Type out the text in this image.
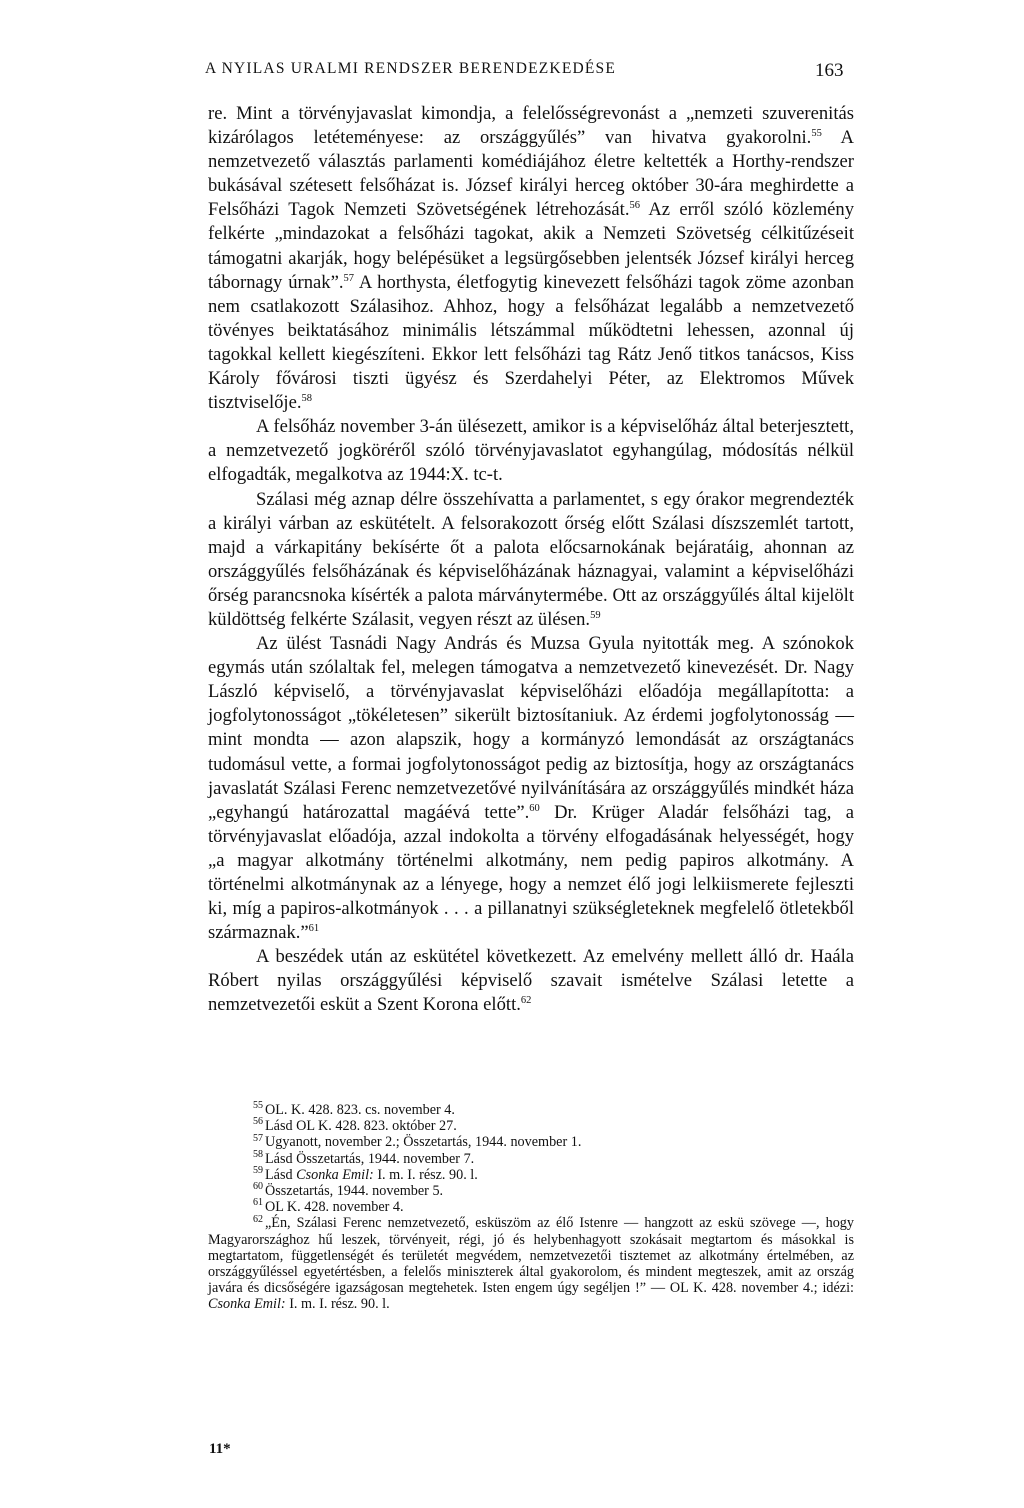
A NYILAS URALMI RENDSZER BERENDEZKEDÉSE	163

re. Mint a törvényjavaslat kimondja, a felelősségrevonást a „nemzeti szuverenitás kizárólagos letéteményese: az országgyűlés” van hivatva gyakorolni.$^{55}$ A nemzetvezető választás parlamenti komédiájához életre keltették a Horthy-rendszer bukásával szétesett felsőházat is. József királyi herceg október 30-ára meghirdette a Felsőházi Tagok Nemzeti Szövetségének létrehozását.$^{56}$ Az erről szóló közlemény felkérte „mindazokat a felsőházi tagokat, akik a Nemzeti Szövetség célkitűzéseit támogatni akarják, hogy belépésüket a legsürgősebben jelentsék József királyi herceg tábornagy úrnak”.$^{57}$ A horthysta, életfogytig kinevezett felsőházi tagok zöme azonban nem csatlakozott Szálasihoz. Ahhoz, hogy a felsőházat legalább a nemzetvezető tövényes beiktatásához minimális létszámmal működtetni lehessen, azonnal új tagokkal kellett kiegészíteni. Ekkor lett felsőházi tag Rátz Jenő titkos tanácsos, Kiss Károly fővárosi tiszti ügyész és Szerdahelyi Péter, az Elektromos Művek tisztviselője.$^{58}$

A felsőház november 3-án ülésezett, amikor is a képviselőház által beterjesztett, a nemzetvezető jogköréről szóló törvényjavaslatot egyhangúlag, módosítás nélkül elfogadták, megalkotva az 1944:X. tc-t.

Szálasi még aznap délre összehívatta a parlamentet, s egy órakor megrendezték a királyi várban az eskütételt. A felsorakozott őrség előtt Szálasi díszszemlét tartott, majd a várkapitány bekísérte őt a palota előcsarnokának bejáratáig, ahonnan az országgyűlés felsőházának és képviselőházának háznagyai, valamint a képviselőházi őrség parancsnoka kísérték a palota márványtermébe. Ott az országgyűlés által kijelölt küldöttség felkérte Szálasit, vegyen részt az ülésen.$^{59}$

Az ülést Tasnádi Nagy András és Muzsa Gyula nyitották meg. A szónokok egymás után szólaltak fel, melegen támogatva a nemzetvezető kinevezését. Dr. Nagy László képviselő, a törvényjavaslat képviselőházi előadója megállapította: a jogfolytonosságot „tökéletesen” sikerült biztosítaniuk. Az érdemi jogfolytonosság — mint mondta — azon alapszik, hogy a kormányzó lemondását az országtanács tudomásul vette, a formai jogfolytonosságot pedig az biztosítja, hogy az országtanács javaslatát Szálasi Ferenc nemzetvezetővé nyilvánítására az országgyűlés mindkét háza „egyhangú határozattal magáévá tette”.$^{60}$ Dr. Krüger Aladár felsőházi tag, a törvényjavaslat előadója, azzal indokolta a törvény elfogadásának helyességét, hogy „a magyar alkotmány történelmi alkotmány, nem pedig papiros alkotmány. A történelmi alkotmánynak az a lényege, hogy a nemzet élő jogi lelkiismerete fejleszti ki, míg a papiros-alkotmányok . . . a pillanatnyi szükségleteknek megfelelő ötletekből származnak.”$^{61}$

A beszédek után az eskütétel következett. Az emelvény mellett álló dr. Haála Róbert nyilas országgyűlési képviselő szavait ismételve Szálasi letette a nemzetvezetői esküt a Szent Korona előtt.$^{62}$

$^{55}$ OL. K. 428. 823. cs. november 4.

$^{56}$ Lásd OL K. 428. 823. október 27.

$^{57}$ Ugyanott, november 2.; Összetartás, 1944. november 1.

$^{58}$ Lásd Összetartás, 1944. november 7.

$^{59}$ Lásd Csonka Emil: I. m. I. rész. 90. l.

$^{60}$ Összetartás, 1944. november 5.

$^{61}$ OL K. 428. november 4.

$^{62}$ „Én, Szálasi Ferenc nemzetvezető, esküszöm az élő Istenre — hangzott az eskü szövege —, hogy Magyarországhoz hű leszek, törvényeit, régi, jó és helybenhagyott szokásait megtartom és másokkal is megtartatom, függetlenségét és területét megvédem, nemzetvezetői tisztemet az alkotmány értelmében, az országgyűléssel egyetértésben, a felelős miniszterek által gyakorolom, és mindent megteszek, amit az ország javára és dicsőségére igazságosan megtehetek. Isten engem úgy segéljen !” — OL K. 428. november 4.; idézi: Csonka Emil: I. m. I. rész. 90. l.

11*
